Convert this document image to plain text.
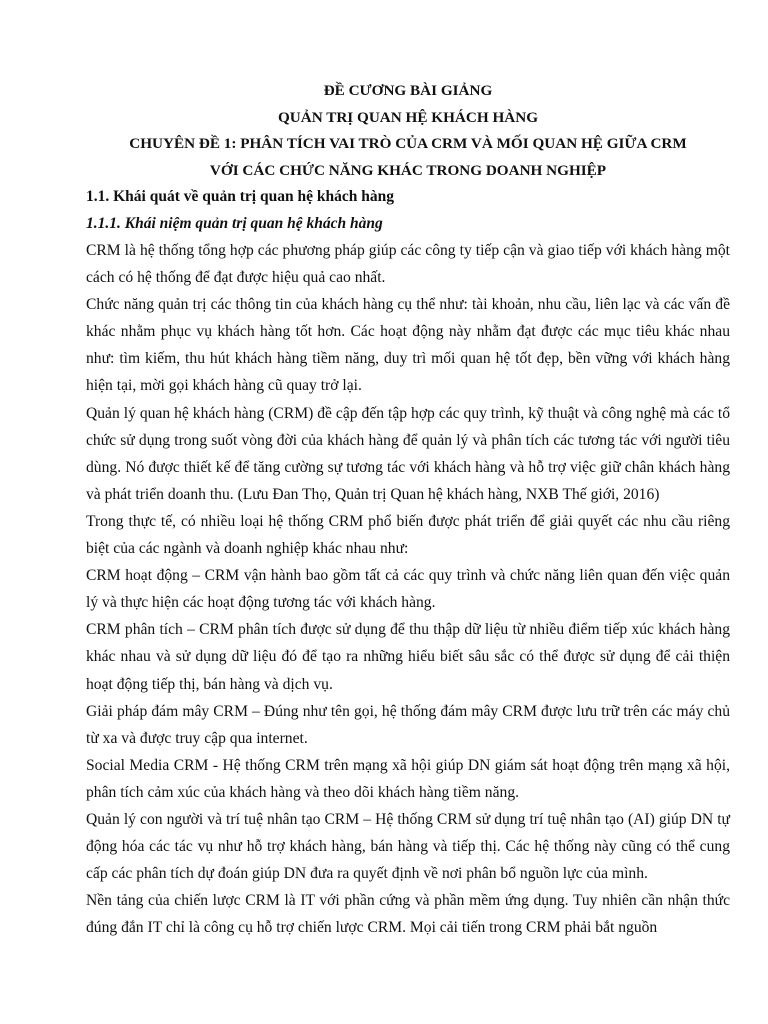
ĐỀ CƯƠNG BÀI GIẢNG

QUẢN TRỊ QUAN HỆ KHÁCH HÀNG

CHUYÊN ĐỀ 1: PHÂN TÍCH VAI TRÒ CỦA CRM VÀ MỐI QUAN HỆ GIỮA CRM

VỚI CÁC CHỨC NĂNG KHÁC TRONG DOANH NGHIỆP

1.1. Khái quát về quản trị quan hệ khách hàng

1.1.1. Khái niệm quản trị quan hệ khách hàng

CRM là hệ thống tổng hợp các phương pháp giúp các công ty tiếp cận và giao tiếp với khách hàng một cách có hệ thống để đạt được hiệu quả cao nhất.

Chức năng quản trị các thông tin của khách hàng cụ thể như: tài khoản, nhu cầu, liên lạc và các vấn đề khác nhằm phục vụ khách hàng tốt hơn. Các hoạt động này nhằm đạt được các mục tiêu khác nhau như: tìm kiếm, thu hút khách hàng tiềm năng, duy trì mối quan hệ tốt đẹp, bền vững với khách hàng hiện tại, mời gọi khách hàng cũ quay trở lại.

Quản lý quan hệ khách hàng (CRM) đề cập đến tập hợp các quy trình, kỹ thuật và công nghệ mà các tổ chức sử dụng trong suốt vòng đời của khách hàng để quản lý và phân tích các tương tác với người tiêu dùng. Nó được thiết kế để tăng cường sự tương tác với khách hàng và hỗ trợ việc giữ chân khách hàng và phát triển doanh thu. (Lưu Đan Thọ, Quản trị Quan hệ khách hàng, NXB Thế giới, 2016)

Trong thực tế, có nhiều loại hệ thống CRM phổ biến được phát triển để giải quyết các nhu cầu riêng biệt của các ngành và doanh nghiệp khác nhau như:

CRM hoạt động – CRM vận hành bao gồm tất cả các quy trình và chức năng liên quan đến việc quản lý và thực hiện các hoạt động tương tác với khách hàng.

CRM phân tích – CRM phân tích được sử dụng để thu thập dữ liệu từ nhiều điểm tiếp xúc khách hàng khác nhau và sử dụng dữ liệu đó để tạo ra những hiểu biết sâu sắc có thể được sử dụng để cải thiện hoạt động tiếp thị, bán hàng và dịch vụ.

Giải pháp đám mây CRM – Đúng như tên gọi, hệ thống đám mây CRM được lưu trữ trên các máy chủ từ xa và được truy cập qua internet.

Social Media CRM - Hệ thống CRM trên mạng xã hội giúp DN giám sát hoạt động trên mạng xã hội, phân tích cảm xúc của khách hàng và theo dõi khách hàng tiềm năng.

Quản lý con người và trí tuệ nhân tạo CRM – Hệ thống CRM sử dụng trí tuệ nhân tạo (AI) giúp DN tự động hóa các tác vụ như hỗ trợ khách hàng, bán hàng và tiếp thị. Các hệ thống này cũng có thể cung cấp các phân tích dự đoán giúp DN đưa ra quyết định về nơi phân bổ nguồn lực của mình.

Nền tảng của chiến lược CRM là IT với phần cứng và phần mềm ứng dụng. Tuy nhiên cần nhận thức đúng đắn IT chỉ là công cụ hỗ trợ chiến lược CRM. Mọi cải tiến trong CRM phải bắt nguồn
